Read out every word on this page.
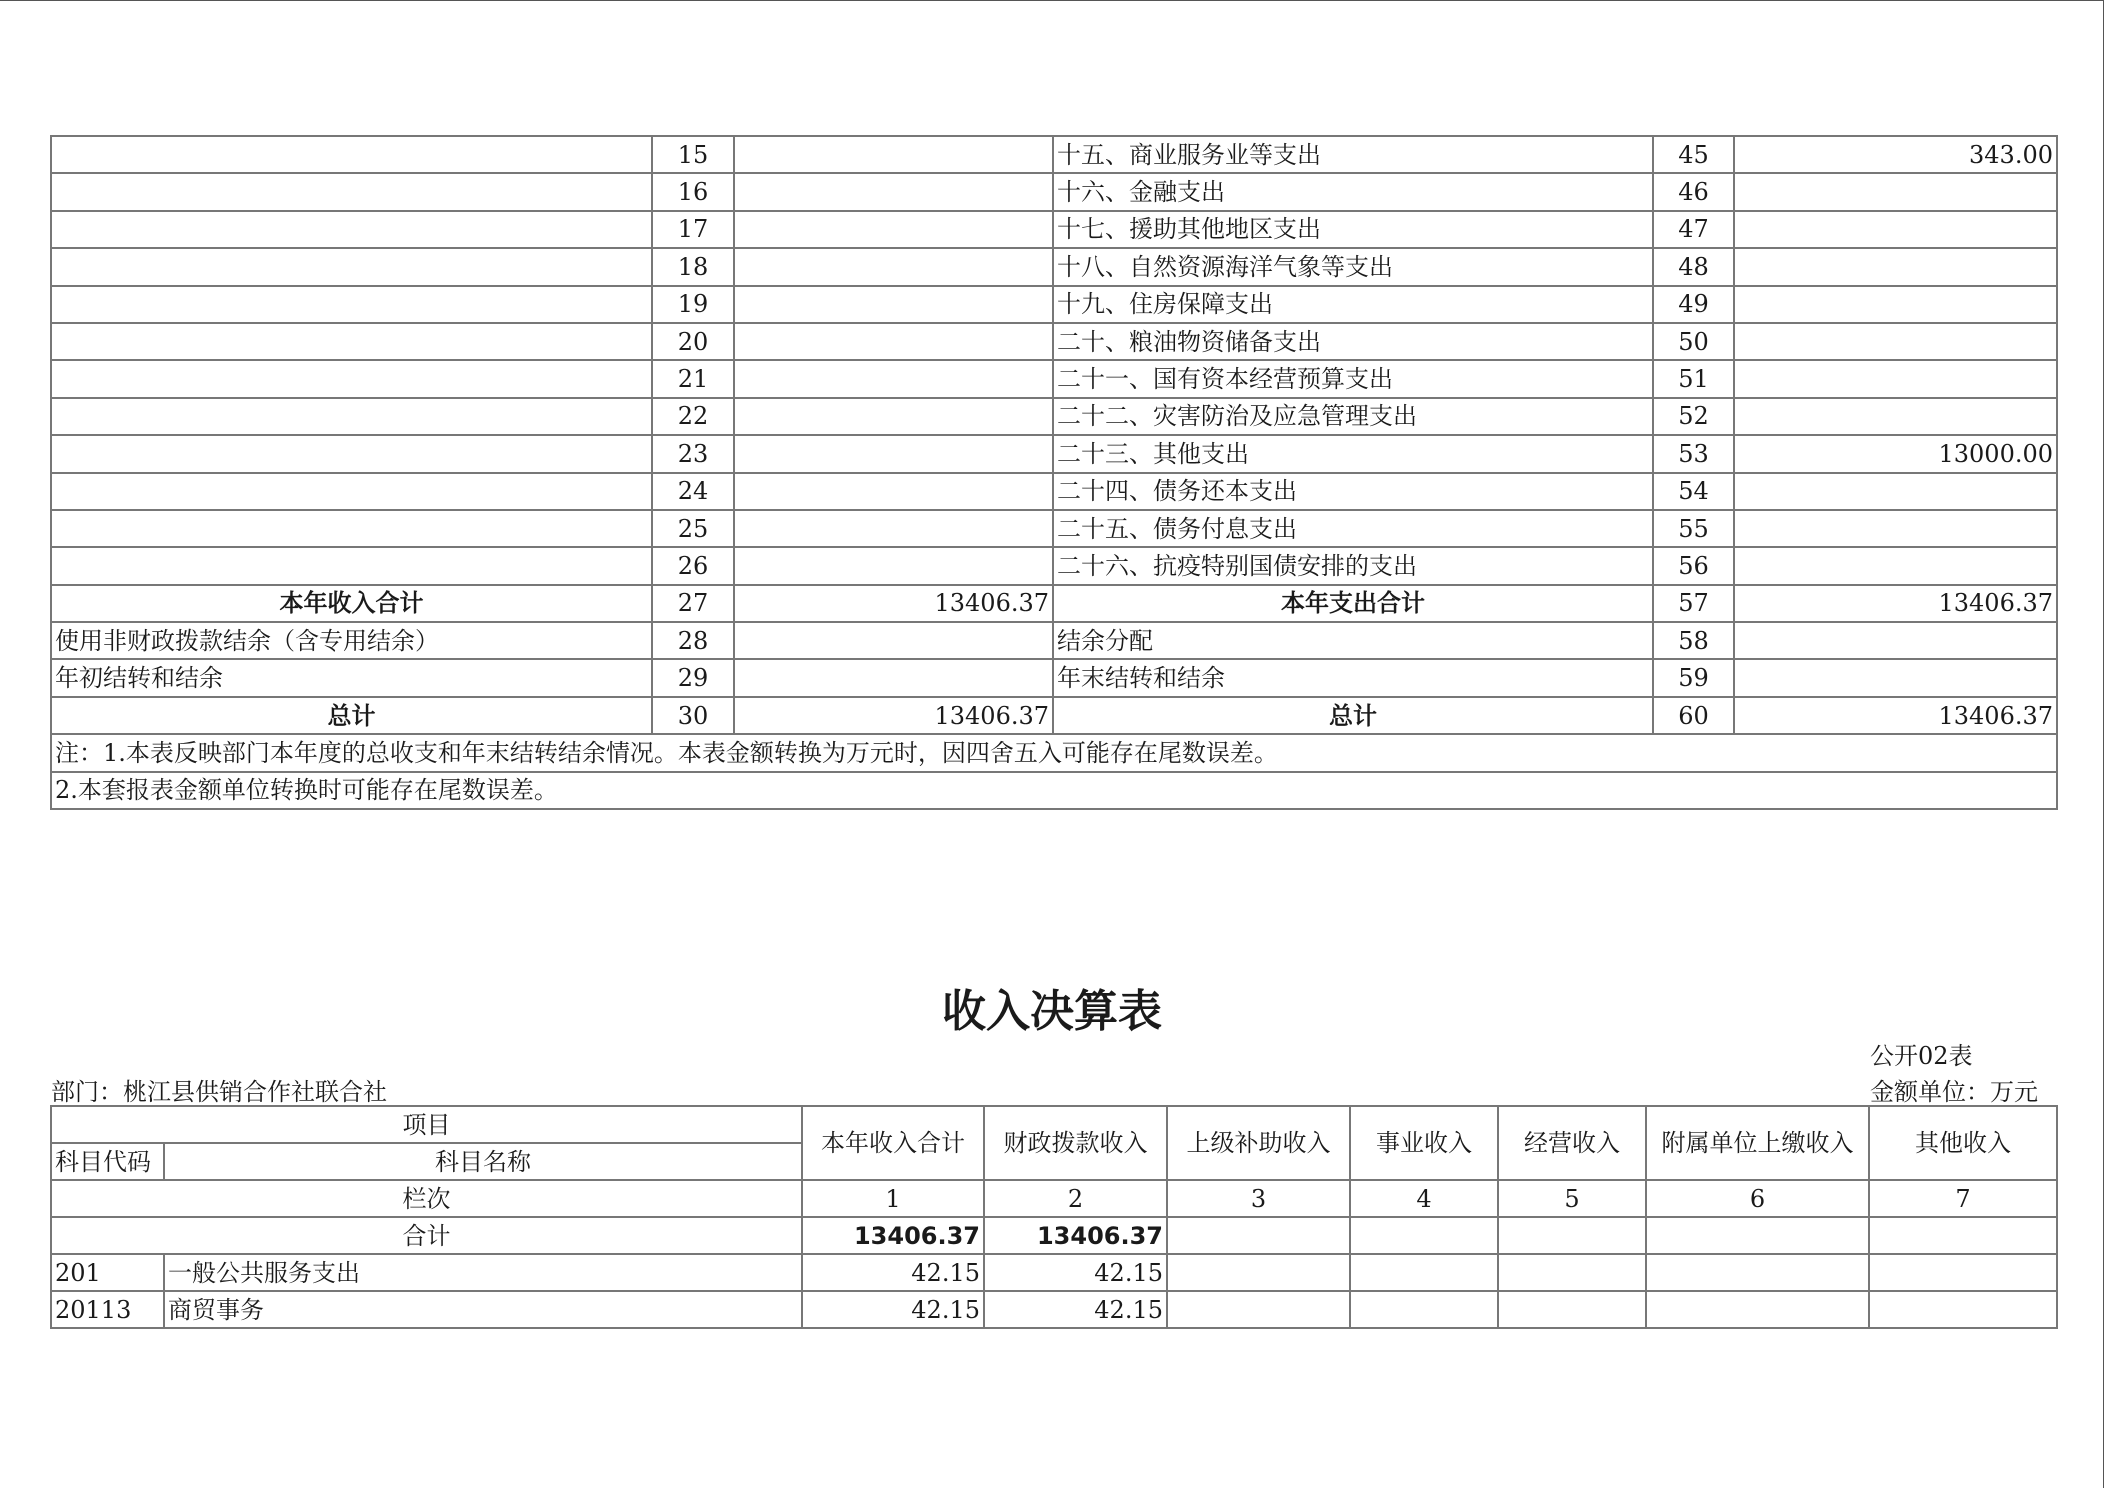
	15		十五、商业服务业等支出	45	343.00
	16		十六、金融支出	46	
	17		十七、援助其他地区支出	47	
	18		十八、自然资源海洋气象等支出	48	
	19		十九、住房保障支出	49	
	20		二十、粮油物资储备支出	50	
	21		二十一、国有资本经营预算支出	51	
	22		二十二、灾害防治及应急管理支出	52	
	23		二十三、其他支出	53	13000.00
	24		二十四、债务还本支出	54	
	25		二十五、债务付息支出	55	
	26		二十六、抗疫特别国债安排的支出	56	
本年收入合计	27	13406.37	本年支出合计	57	13406.37
使用非财政拨款结余（含专用结余）	28		结余分配	58	
年初结转和结余	29		年末结转和结余	59	
总计	30	13406.37	总计	60	13406.37
注：1.本表反映部门本年度的总收支和年末结转结余情况。本表金额转换为万元时，因四舍五入可能存在尾数误差。					
2.本套报表金额单位转换时可能存在尾数误差。					
收入决算表
公开02表
部门：桃江县供销合作社联合社	金额单位：万元
项目		本年收入合计	财政拨款收入	上级补助收入	事业收入	经营收入	附属单位上缴收入	其他收入
科目代码	科目名称							
栏次		1	2	3	4	5	6	7
合计		13406.37	13406.37					
201	一般公共服务支出	42.15	42.15					
20113	商贸事务	42.15	42.15					
